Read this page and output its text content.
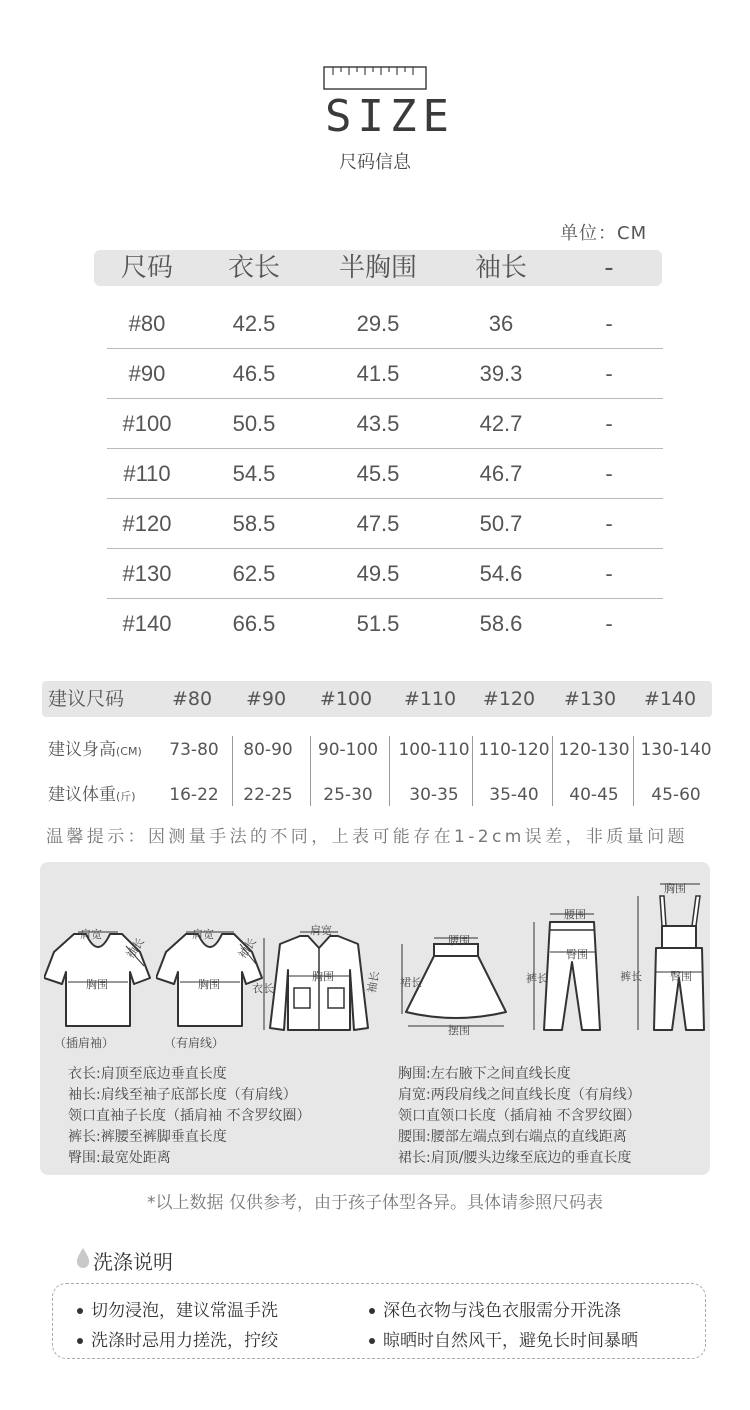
SIZE
尺码信息
单位：CM
尺码 衣长 半胸围 袖长	-
#80	42.5	29.5	36	-
#90	46.5	41.5	39.3	-
#100	50.5	43.5	42.7	-
#110	54.5	45.5	46.7	-
#120	58.5	47.5	50.7	-
#130	62.5	49.5	54.6	-
#140	66.5	51.5	58.6	-
建议尺码	#80 #90 #100 #110 #120 #130 #140
建议身高(CM) 73-80 80-90 90-100 100-110 110-120 120-130 130-140
建议体重(斤) 16-22 22-25 25-30 30-35 35-40 40-45 45-60
温馨提示：因测量手法的不同，上表可能存在1-2cm误差，非质量问题
肩宽
胸围
袖长
（插肩袖）
肩宽
胸围
袖长
（有肩线）
肩宽
胸围
衣长	袖长
腰围
裙长
摆围
腰围
臀围
裤长
胸围
臀围
裤长
衣长:肩顶至底边垂直长度
袖长:肩线至袖子底部长度（有肩线）
领口直袖子长度（插肩袖 不含罗纹圈）
裤长:裤腰至裤脚垂直长度
臀围:最宽处距离
胸围:左右腋下之间直线长度
肩宽:两段肩线之间直线长度（有肩线）
领口直领口长度（插肩袖 不含罗纹圈）
腰围:腰部左端点到右端点的直线距离
裙长:肩顶/腰头边缘至底边的垂直长度
*以上数据 仅供参考，由于孩子体型各异。具体请参照尺码表
洗涤说明
切勿浸泡，建议常温手洗	深色衣物与浅色衣服需分开洗涤
洗涤时忌用力搓洗，拧绞	晾晒时自然风干，避免长时间暴晒
